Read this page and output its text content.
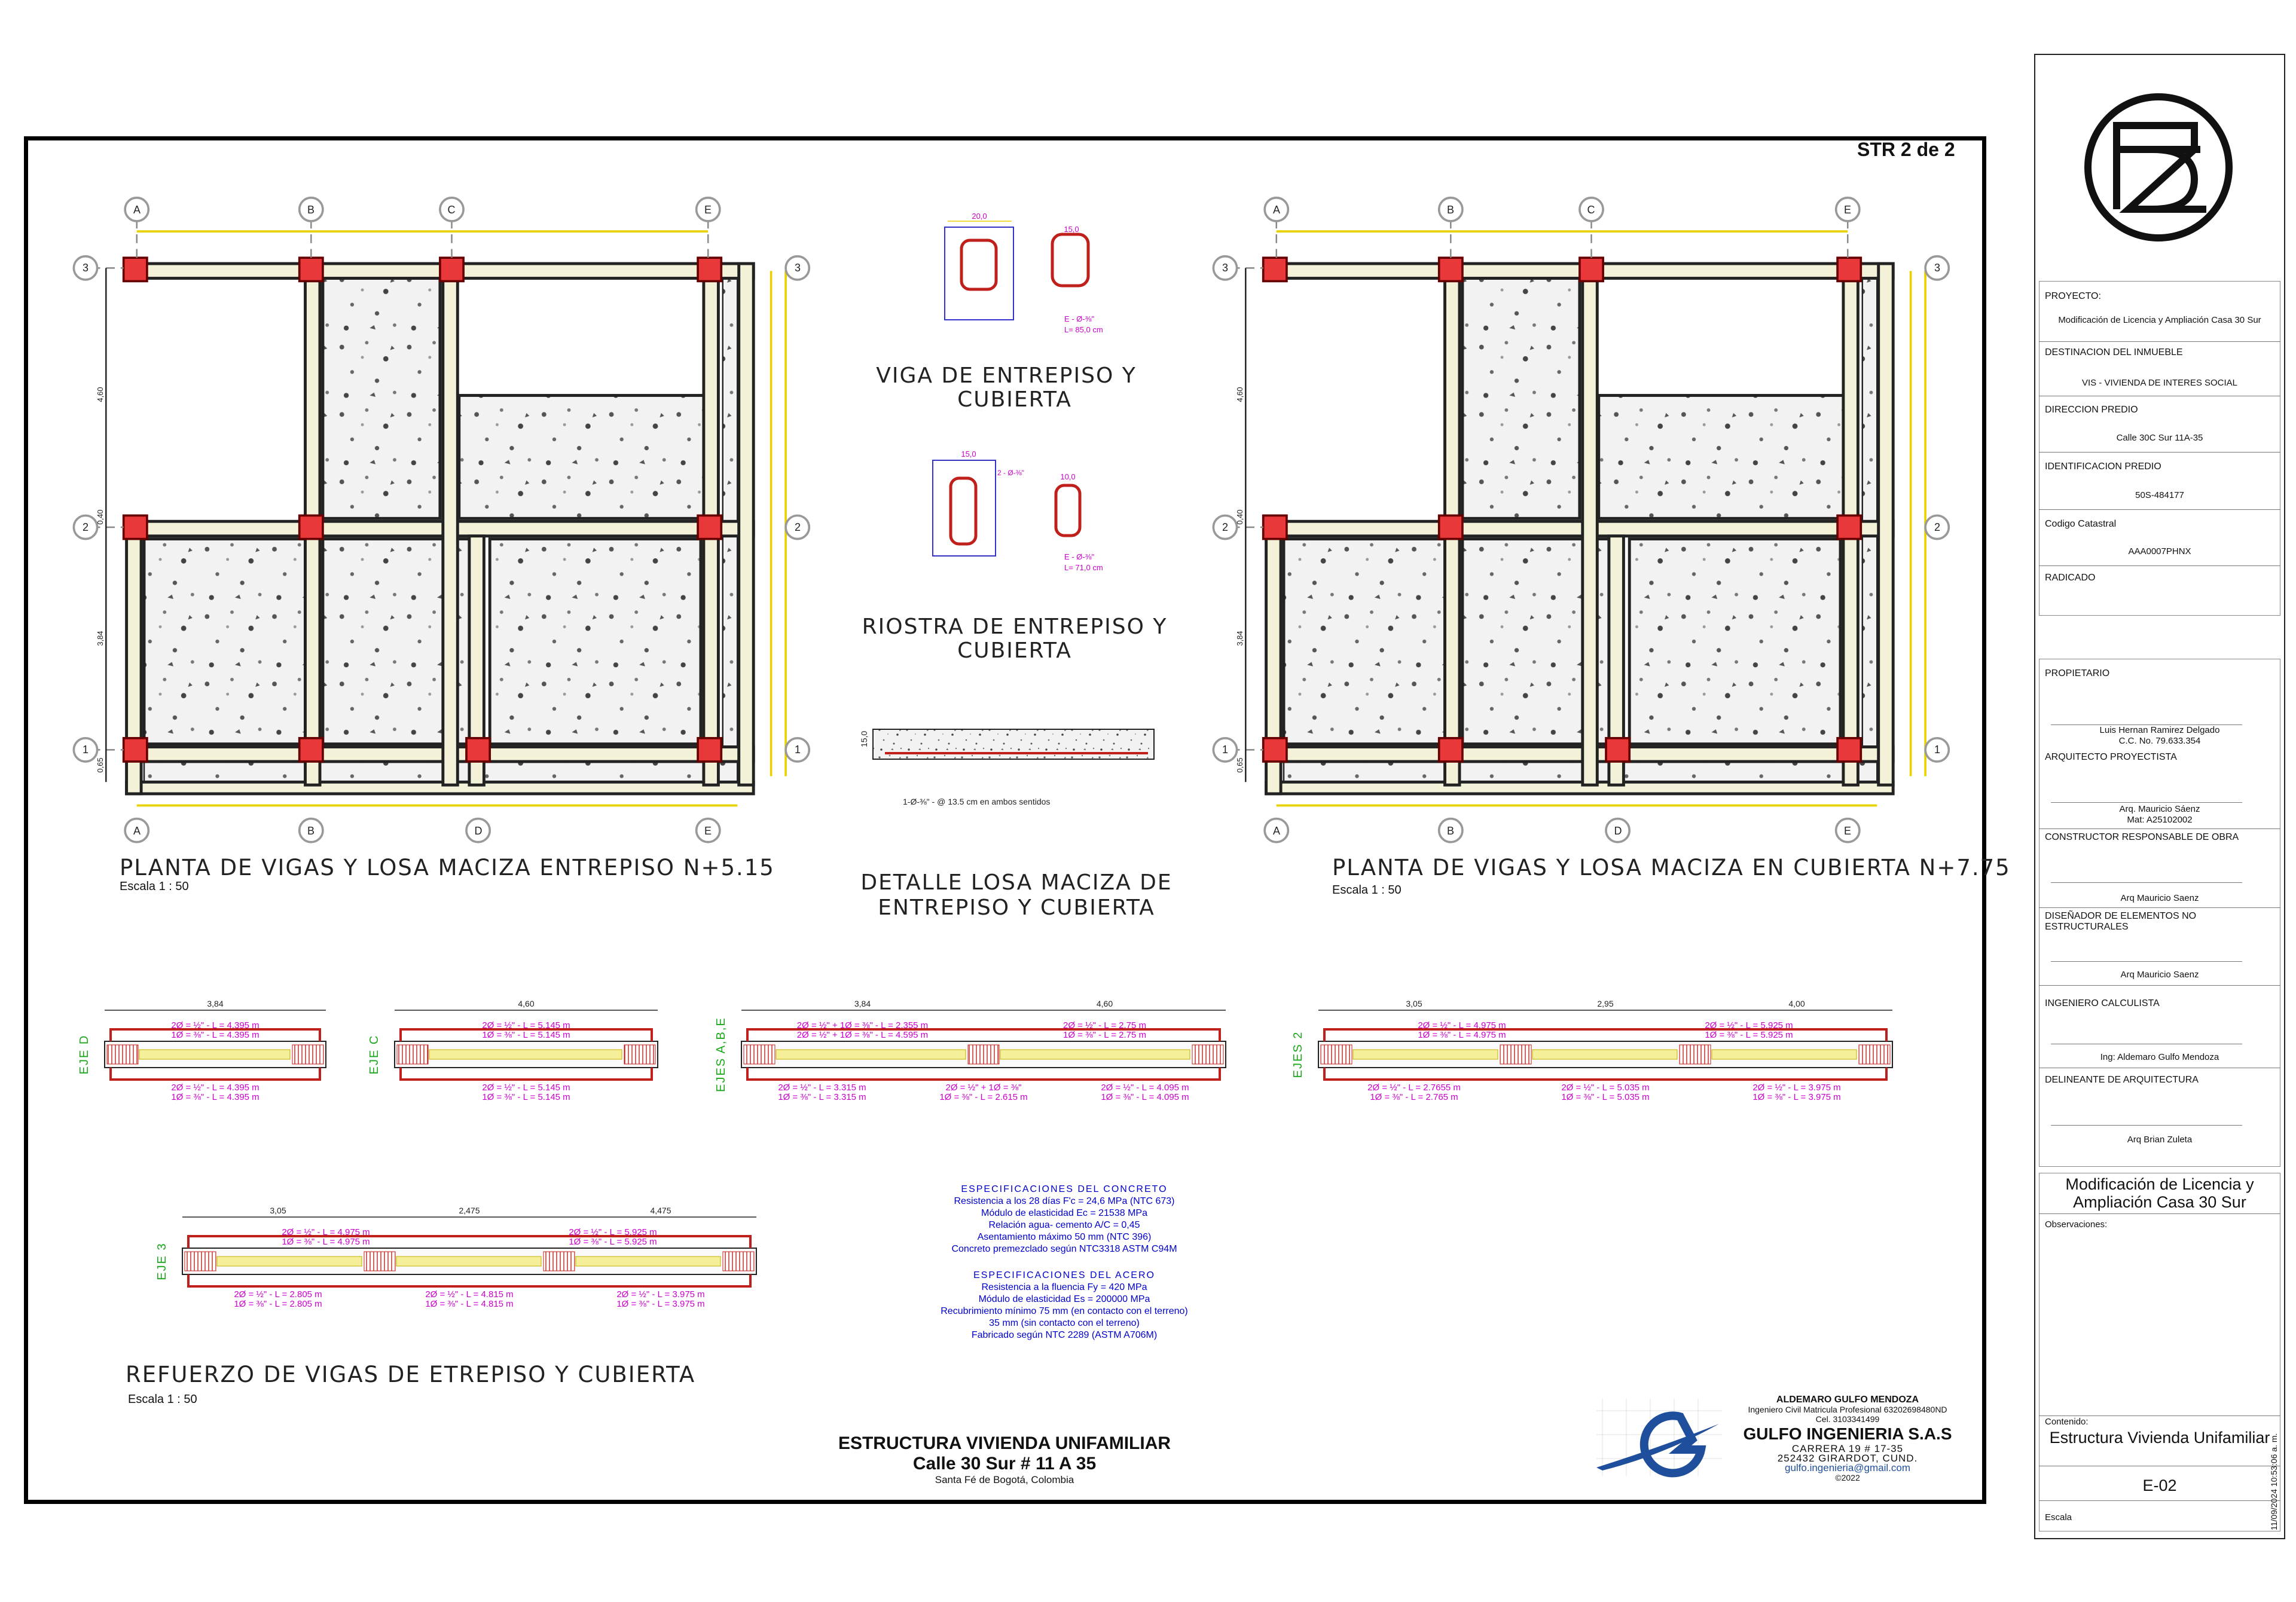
STR 2 de 2
A	B	C	E
A	B	D	E
3
2
1
3
2
1
4,60
0,40
3,84
0,65
A	B	C	E
A	B	D	E
3
2
1
3
2
1
4,60
0,40
3,84
0,65
PLANTA DE VIGAS Y LOSA MACIZA ENTREPISO N+5.15
Escala 1 : 50
PLANTA DE VIGAS Y LOSA MACIZA EN CUBIERTA N+7.75
Escala 1 : 50
20,0
15,0
E - Ø-⅜"
L= 85,0 cm
VIGA DE ENTREPISO Y
CUBIERTA
15,0
10,0
2 - Ø-⅜"
E - Ø-⅜"
L= 71,0 cm
RIOSTRA DE ENTREPISO Y
CUBIERTA
15,0
1-Ø-⅜" - @ 13.5 cm en ambos sentidos
DETALLE LOSA MACIZA DE ENTREPISO Y CUBIERTA
EJE D
3,84
2Ø = ½" - L = 4.395 m
1Ø = ⅜" - L = 4.395 m
2Ø = ½" - L = 4.395 m
1Ø = ⅜" - L = 4.395 m
EJE C
4,60
2Ø = ½" - L = 5.145 m
1Ø = ⅜" - L = 5.145 m
2Ø = ½" - L = 5.145 m
1Ø = ⅜" - L = 5.145 m
EJES A,B,E
3,84	4,60
2Ø = ½" + 1Ø = ⅜" - L = 2.355 m
2Ø = ½" + 1Ø = ⅜" - L = 4.595 m
2Ø = ½" - L = 2.75 m
1Ø = ⅜" - L = 2.75 m
2Ø = ½" - L = 3.315 m
1Ø = ⅜" - L = 3.315 m
2Ø = ½" + 1Ø = ⅜"
1Ø = ⅜" - L = 2.615 m
2Ø = ½" - L = 4.095 m
1Ø = ⅜" - L = 4.095 m
EJES 2
3,05	2,95	4,00
2Ø = ½" - L = 4.975 m
1Ø = ⅜" - L = 4.975 m
2Ø = ½" - L = 5.925 m
1Ø = ⅜" - L = 5.925 m
2Ø = ½" - L = 2.7655 m
1Ø = ⅜" - L = 2.765 m
2Ø = ½" - L = 5.035 m
1Ø = ⅜" - L = 5.035 m
2Ø = ½" - L = 3.975 m
1Ø = ⅜" - L = 3.975 m
EJE 3
3,05	2,475	4,475
2Ø = ½" - L = 4.975 m
1Ø = ⅜" - L = 4.975 m
2Ø = ½" - L = 5.925 m
1Ø = ⅜" - L = 5.925 m
2Ø = ½" - L = 2.805 m
1Ø = ⅜" - L = 2.805 m
2Ø = ½" - L = 4.815 m
1Ø = ⅜" - L = 4.815 m
2Ø = ½" - L = 3.975 m
1Ø = ⅜" - L = 3.975 m
REFUERZO DE VIGAS DE ETREPISO Y CUBIERTA
Escala 1 : 50
ESPECIFICACIONES DEL CONCRETO
Resistencia a los 28 días F'c = 24,6 MPa (NTC 673)
Módulo de elasticidad Ec = 21538 MPa
Relación agua- cemento A/C = 0,45
Asentamiento máximo 50 mm (NTC 396)
Concreto premezclado según NTC3318 ASTM C94M
ESPECIFICACIONES DEL ACERO
Resistencia a la fluencia Fy = 420 MPa
Módulo de elasticidad Es = 200000 MPa
Recubrimiento mínimo 75 mm (en contacto con el terreno)
35 mm (sin contacto con el terreno)
Fabricado según NTC 2289 (ASTM A706M)
ESTRUCTURA VIVIENDA UNIFAMILIAR
Calle 30 Sur # 11 A 35
Santa Fé de Bogotá, Colombia
ALDEMARO GULFO MENDOZA
Ingeniero Civil Matricula Profesional 63202698480ND
Cel. 3103341499
GULFO INGENIERIA S.A.S
CARRERA 19 # 17-35
252432 GIRARDOT, CUND.
gulfo.ingenieria@gmail.com
©2022
PROYECTO:
Modificación de Licencia y Ampliación Casa 30 Sur
DESTINACION DEL INMUEBLE
VIS - VIVIENDA DE INTERES SOCIAL
DIRECCION PREDIO
Calle 30C Sur 11A-35
IDENTIFICACION PREDIO
50S-484177
Codigo Catastral
AAA0007PHNX
RADICADO
PROPIETARIO
Luis Hernan Ramirez Delgado
C.C. No. 79.633.354
ARQUITECTO PROYECTISTA
Arq. Mauricio Sáenz
Mat: A25102002
CONSTRUCTOR RESPONSABLE DE OBRA
Arq Mauricio Saenz
DISEÑADOR DE ELEMENTOS NO ESTRUCTURALES
Arq Mauricio Saenz
INGENIERO CALCULISTA
Ing: Aldemaro Gulfo Mendoza
DELINEANTE DE ARQUITECTURA
Arq Brian Zuleta
Modificación de Licencia y Ampliación Casa 30 Sur
Observaciones:
Contenido:
Estructura Vivienda Unifamiliar
E-02
Escala	11/09/2024 10:53:06 a. m.
